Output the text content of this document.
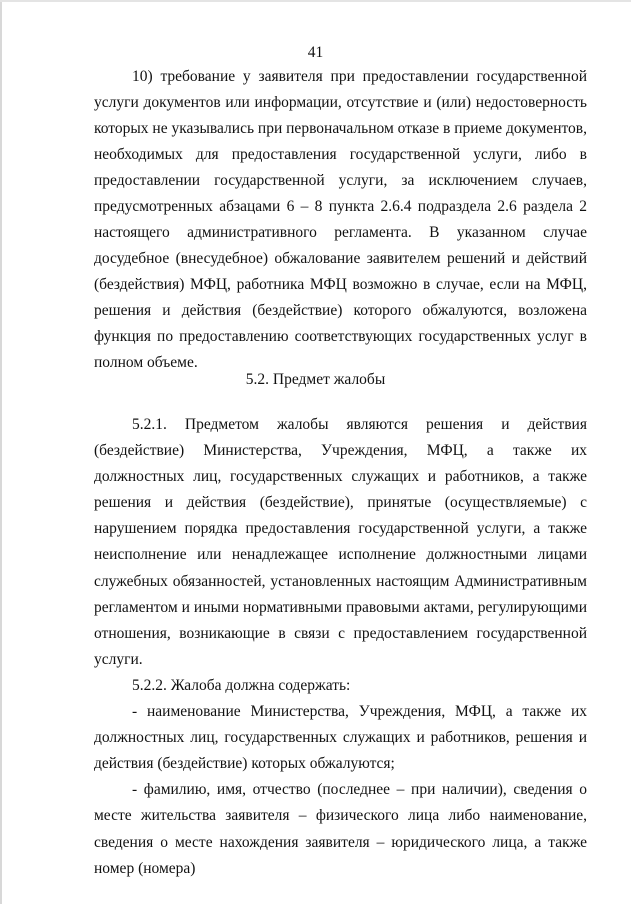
41

10) требование у заявителя при предоставлении государственной услуги документов или информации, отсутствие и (или) недостоверность которых не указывались при первоначальном отказе в приеме документов, необходимых для предоставления государственной услуги, либо в предоставлении государственной услуги, за исключением случаев, предусмотренных абзацами 6 – 8 пункта 2.6.4 подраздела 2.6 раздела 2 настоящего административного регламента. В указанном случае досудебное (внесудебное) обжалование заявителем решений и действий (бездействия) МФЦ, работника МФЦ возможно в случае, если на МФЦ, решения и действия (бездействие) которого обжалуются, возложена функция по предоставлению соответствующих государственных услуг в полном объеме.

5.2. Предмет жалобы

5.2.1. Предметом жалобы являются решения и действия (бездействие) Министерства, Учреждения, МФЦ, а также их должностных лиц, государственных служащих и работников, а также решения и действия (бездействие), принятые (осуществляемые) с нарушением порядка предоставления государственной услуги, а также неисполнение или ненадлежащее исполнение должностными лицами служебных обязанностей, установленных настоящим Административным регламентом и иными нормативными правовыми актами, регулирующими отношения, возникающие в связи с предоставлением государственной услуги.

5.2.2. Жалоба должна содержать:

- наименование Министерства, Учреждения, МФЦ, а также их должностных лиц, государственных служащих и работников, решения и действия (бездействие) которых обжалуются;

- фамилию, имя, отчество (последнее – при наличии), сведения о месте жительства заявителя – физического лица либо наименование, сведения о месте нахождения заявителя – юридического лица, а также номер (номера)
